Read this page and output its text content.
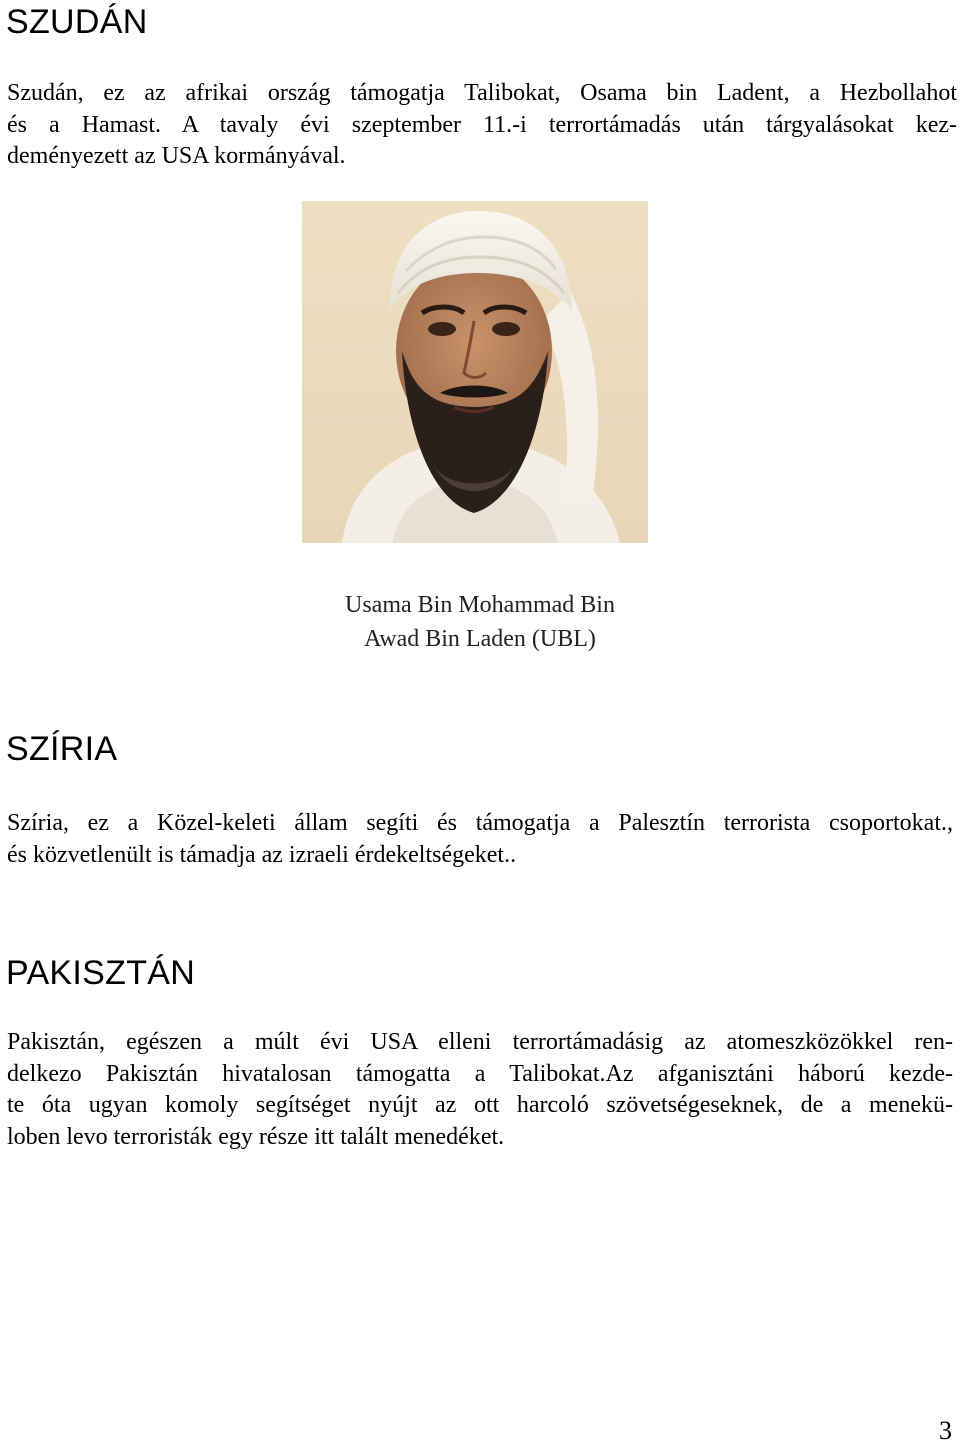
SZUDÁN

Szudán, ez az afrikai ország támogatja Talibokat, Osama bin Ladent, a Hezbollahot
és a Hamast. A tavaly évi szeptember 11.-i terrortámadás után tárgyalásokat kez-
deményezett az USA kormányával.

Usama Bin Mohammad Bin
Awad Bin Laden (UBL)

SZÍRIA

Szíria, ez a Közel-keleti állam segíti és támogatja a Palesztín terrorista csoportokat.,
és közvetlenült is támadja az izraeli érdekeltségeket..

PAKISZTÁN

Pakisztán, egészen a múlt évi USA elleni terrortámadásig az atomeszközökkel ren-
delkezo Pakisztán hivatalosan támogatta a Talibokat.Az afganisztáni háború kezde-
te óta ugyan komoly segítséget nyújt az ott harcoló szövetségeseknek, de a menekü-
loben levo terroristák egy része itt talált menedéket.

3
